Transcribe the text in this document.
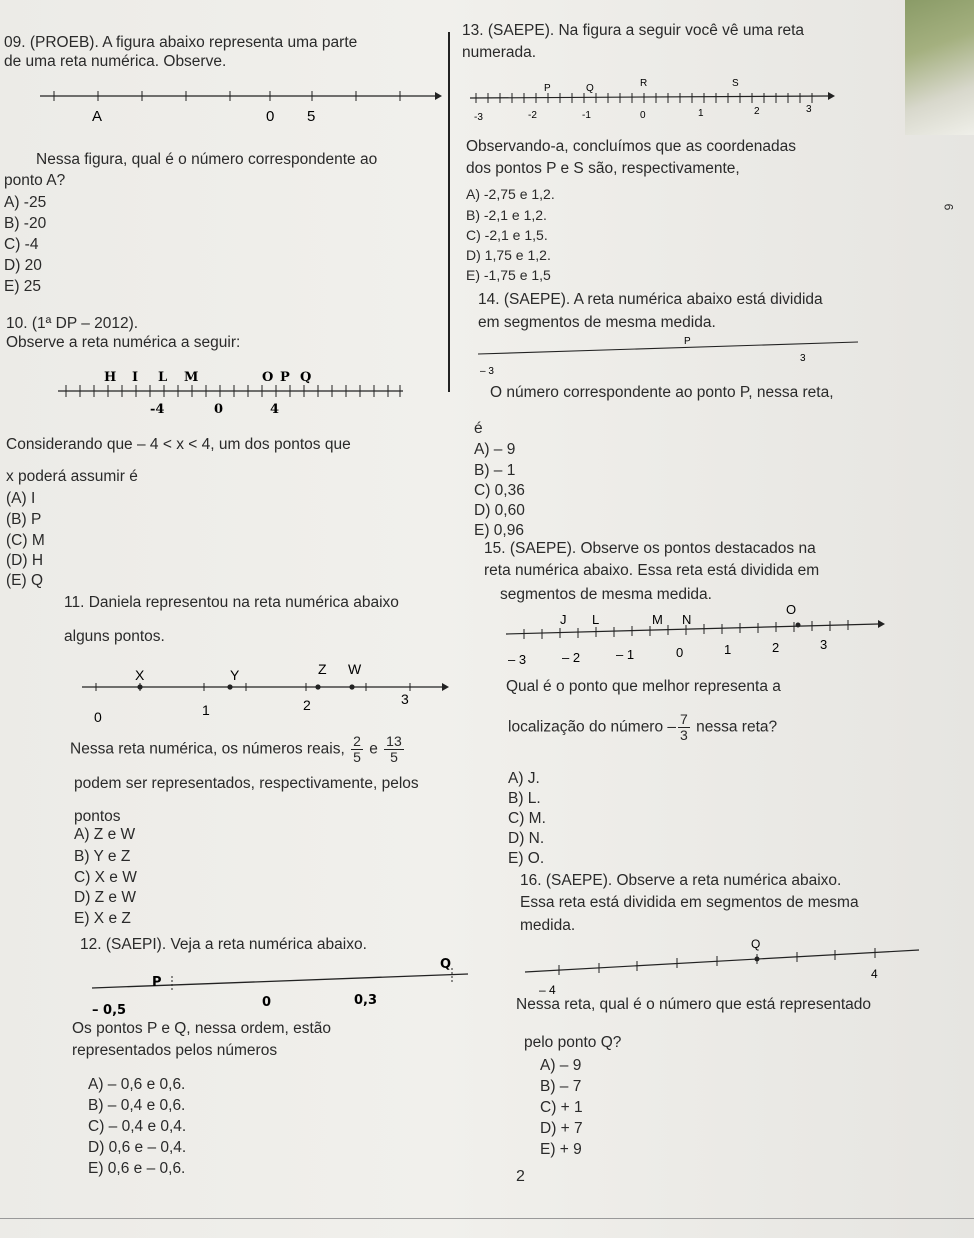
09. (PROEB). A figura abaixo representa uma parte
de uma reta numérica. Observe.
A	0 5
Nessa figura, qual é o número correspondente ao
ponto A?
A) -25
B) -20
C) -4
D) 20
E) 25
10. (1ª DP – 2012).
Observe a reta numérica a seguir:
H I L M	O P Q
-4	0	4
Considerando que – 4 < x < 4, um dos pontos que
x poderá assumir é
(A) I
(B) P
(C) M
(D) H
(E) Q
11. Daniela representou na reta numérica abaixo
alguns pontos.
X	Y	Z W
0	1	2	3
Nessa reta numérica, os números reais, $\frac{2}{5}$ e $\frac{13}{5}$
podem ser representados, respectivamente, pelos
pontos
A) Z e W
B) Y e Z
C) X e W
D) Z e W
E) X e Z
12. (SAEPI). Veja a reta numérica abaixo.
P
Q
– 0,5
0	0,3
Os pontos P e Q, nessa ordem, estão
representados pelos números
A) – 0,6 e 0,6.
B) – 0,4 e 0,6.
C) – 0,4 e 0,4.
D) 0,6 e – 0,4.
E) 0,6 e – 0,6.
13. (SAEPE). Na figura a seguir você vê uma reta
numerada.
P	Q	R	S
-3	-2	-1	0	1	2	3
Observando-a, concluímos que as coordenadas
dos pontos P e S são, respectivamente,
A) -2,75 e 1,2.
B) -2,1 e 1,2.
C) -2,1 e 1,5.
D) 1,75 e 1,2.
E) -1,75 e 1,5
14. (SAEPE). A reta numérica abaixo está dividida
em segmentos de mesma medida.
P
– 3
3
O número correspondente ao ponto P, nessa reta,
é
A) – 9
B) – 1
C) 0,36
D) 0,60
E) 0,96
15. (SAEPE). Observe os pontos destacados na
reta numérica abaixo. Essa reta está dividida em
segmentos de mesma medida.
J L	M N
O
– 3	– 2	– 1	0	1	2	3
Qual é o ponto que melhor representa a
localização do número – $\frac{7}{3}$ nessa reta?
A) J.
B) L.
C) M.
D) N.
E) O.
16. (SAEPE). Observe a reta numérica abaixo.
Essa reta está dividida em segmentos de mesma
medida.
Q
– 4
4
Nessa reta, qual é o número que está representado
pelo ponto Q?
A) – 9
B) – 7
C) + 1
D) + 7
E) + 9
2
6
